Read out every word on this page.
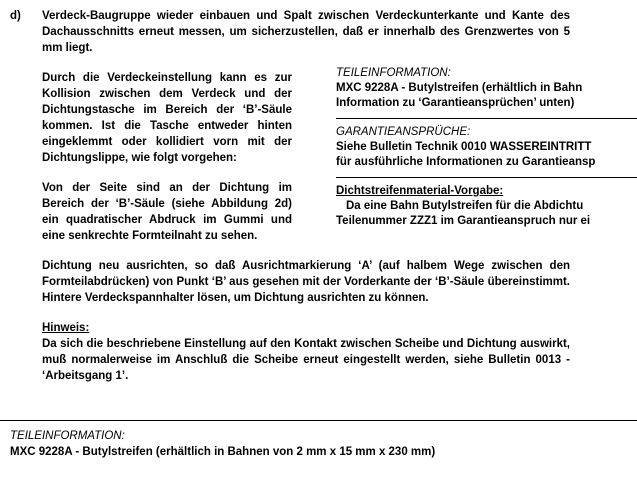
d)	Verdeck-Baugruppe wieder einbauen und Spalt zwischen Verdeckunterkante und Kante des Dachausschnitts erneut messen, um sicherzustellen, daß er innerhalb des Grenzwertes von 5 mm liegt.

Durch die Verdeckeinstellung kann es zur Kollision zwischen dem Verdeck und der Dichtungstasche im Bereich der ‘B’-Säule kommen. Ist die Tasche entweder hinten eingeklemmt oder kollidiert vorn mit der Dichtungslippe, wie folgt vorgehen:

Von der Seite sind an der Dichtung im Bereich der ‘B’-Säule (siehe Abbildung 2d) ein quadratischer Abdruck im Gummi und eine senkrechte Formteilnaht zu sehen.

Dichtung neu ausrichten, so daß Ausrichtmarkierung ‘A’ (auf halbem Wege zwischen den Formteilabdrücken) von Punkt ‘B’ aus gesehen mit der Vorderkante der ‘B’-Säule übereinstimmt. Hintere Verdeckspannhalter lösen, um Dichtung ausrichten zu können.

Hinweis:

Da sich die beschriebene Einstellung auf den Kontakt zwischen Scheibe und Dichtung auswirkt, muß normalerweise im Anschluß die Scheibe erneut eingestellt werden, siehe Bulletin 0013 - ‘Arbeitsgang 1’.

TEILEINFORMATION:
MXC 9228A - Butylstreifen (erhältlich in Bahn
Information zu ‘Garantieansprüchen’ unten)
GARANTIEANSPRÜCHE:
Siehe Bulletin Technik 0010 WASSEREINTRITT
für ausführliche Informationen zu Garantieansp
Dichtstreifenmaterial-Vorgabe:
Da eine Bahn Butylstreifen für die Abdichtu
Teilenummer ZZZ1 im Garantieanspruch nur ei
TEILEINFORMATION:
MXC 9228A - Butylstreifen (erhältlich in Bahnen von 2 mm x 15 mm x 230 mm)
